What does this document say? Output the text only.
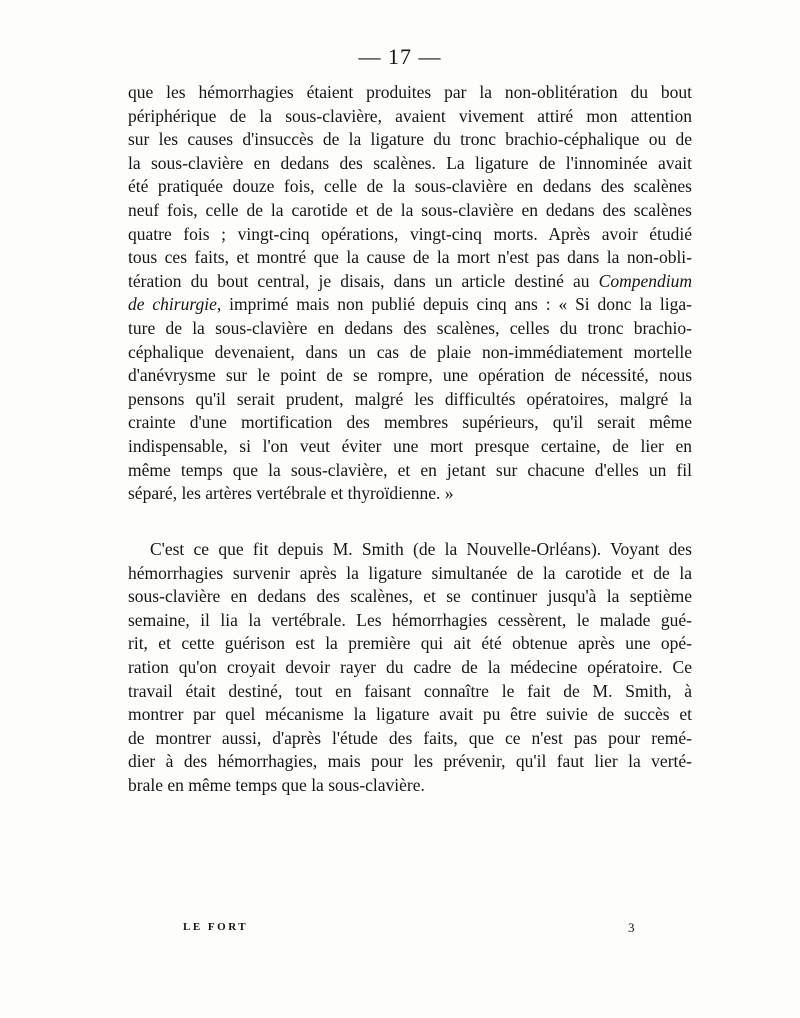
— 17 —
que les hémorrhagies étaient produites par la non-oblitération du bout
périphérique de la sous-clavière, avaient vivement attiré mon attention
sur les causes d'insuccès de la ligature du tronc brachio-céphalique ou de
la sous-clavière en dedans des scalènes. La ligature de l'innominée avait
été pratiquée douze fois, celle de la sous-clavière en dedans des scalènes
neuf fois, celle de la carotide et de la sous-clavière en dedans des scalènes
quatre fois ; vingt-cinq opérations, vingt-cinq morts. Après avoir étudié
tous ces faits, et montré que la cause de la mort n'est pas dans la non-obli-
tération du bout central, je disais, dans un article destiné au Compendium
de chirurgie, imprimé mais non publié depuis cinq ans : « Si donc la liga-
ture de la sous-clavière en dedans des scalènes, celles du tronc brachio-
céphalique devenaient, dans un cas de plaie non-immédiatement mortelle
d'anévrysme sur le point de se rompre, une opération de nécessité, nous
pensons qu'il serait prudent, malgré les difficultés opératoires, malgré la
crainte d'une mortification des membres supérieurs, qu'il serait même
indispensable, si l'on veut éviter une mort presque certaine, de lier en
même temps que la sous-clavière, et en jetant sur chacune d'elles un fil
séparé, les artères vertébrale et thyroïdienne. »
C'est ce que fit depuis M. Smith (de la Nouvelle-Orléans). Voyant des
hémorrhagies survenir après la ligature simultanée de la carotide et de la
sous-clavière en dedans des scalènes, et se continuer jusqu'à la septième
semaine, il lia la vertébrale. Les hémorrhagies cessèrent, le malade gué-
rit, et cette guérison est la première qui ait été obtenue après une opé-
ration qu'on croyait devoir rayer du cadre de la médecine opératoire. Ce
travail était destiné, tout en faisant connaître le fait de M. Smith, à
montrer par quel mécanisme la ligature avait pu être suivie de succès et
de montrer aussi, d'après l'étude des faits, que ce n'est pas pour remé-
dier à des hémorrhagies, mais pour les prévenir, qu'il faut lier la verté-
brale en même temps que la sous-clavière.
LE FORT	3
